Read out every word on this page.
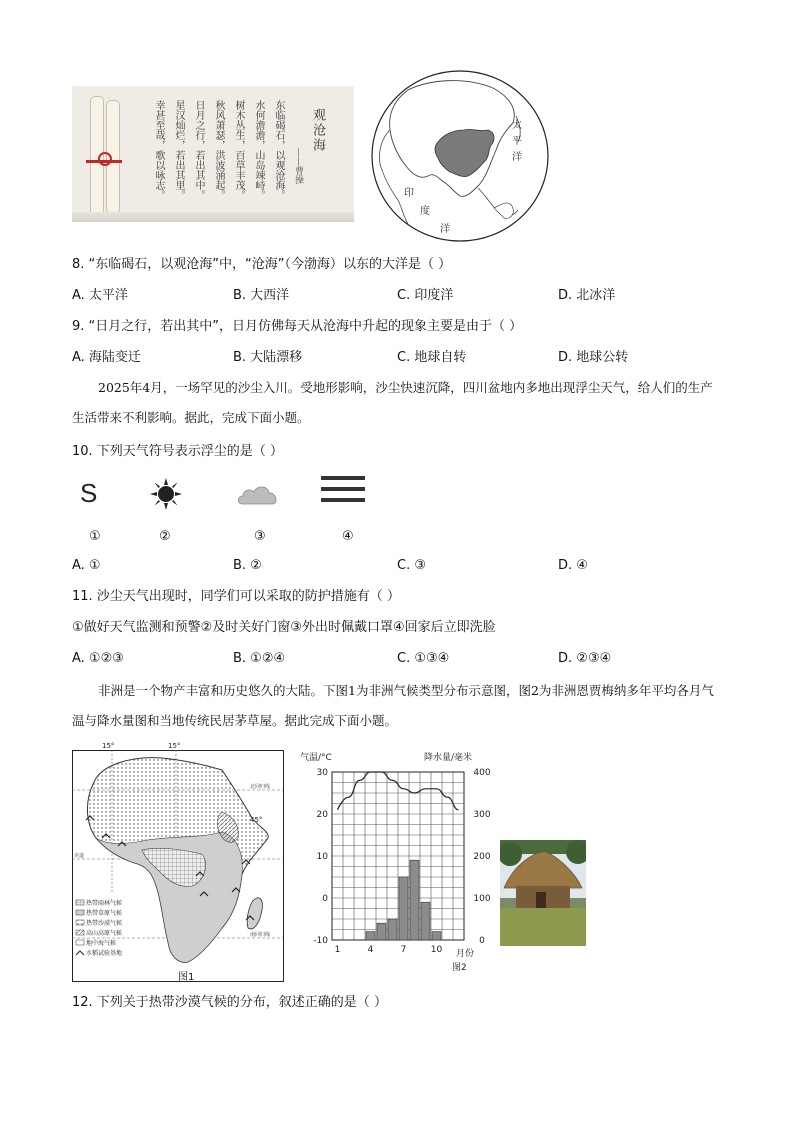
观沧海
——曹操
东临碣石，以观沧海。
水何澹澹，山岛竦峙。
树木丛生，百草丰茂。
秋风萧瑟，洪波涌起。
日月之行，若出其中。
星汉灿烂，若出其里。
幸甚至哉，歌以咏志。	太
平
洋
印
度
洋
8. “东临碣石，以观沧海”中，“沧海”（今渤海）以东的大洋是（ ）
A. 太平洋	B. 大西洋	C. 印度洋	D. 北冰洋
9. “日月之行，若出其中”，日月仿佛每天从沧海中升起的现象主要是由于（ ）
A. 海陆变迁	B. 大陆漂移	C. 地球自转	D. 地球公转
2025年4月，一场罕见的沙尘入川。受地形影响，沙尘快速沉降，四川盆地内多地出现浮尘天气，给人们的生产生活带来不利影响。据此，完成下面小题。
10. 下列天气符号表示浮尘的是（ ）
S
①	②	③	④
A. ①	B. ②	C. ③	D. ④
11. 沙尘天气出现时，同学们可以采取的防护措施有（ ）
①做好天气监测和预警②及时关好门窗③外出时佩戴口罩④回家后立即洗脸
A. ①②③	B. ①②④	C. ①③④	D. ②③④
非洲是一个物产丰富和历史悠久的大陆。下图1为非洲气候类型分布示意图，图2为非洲恩贾梅纳多年平均各月气温与降水量图和当地传统民居茅草屋。据此完成下面小题。
15°	15°
北回归线
赤道
南回归线
45°
热带雨林气候
热带草原气候
热带沙漠气候
高山高原气候
地中海气候
水稻试验基地
图1
气温/°C	降水量/毫米
30
20
10
0
-10
400
300
200
100
0
1	4	7	10 月份
图2
12. 下列关于热带沙漠气候的分布，叙述正确的是（ ）
